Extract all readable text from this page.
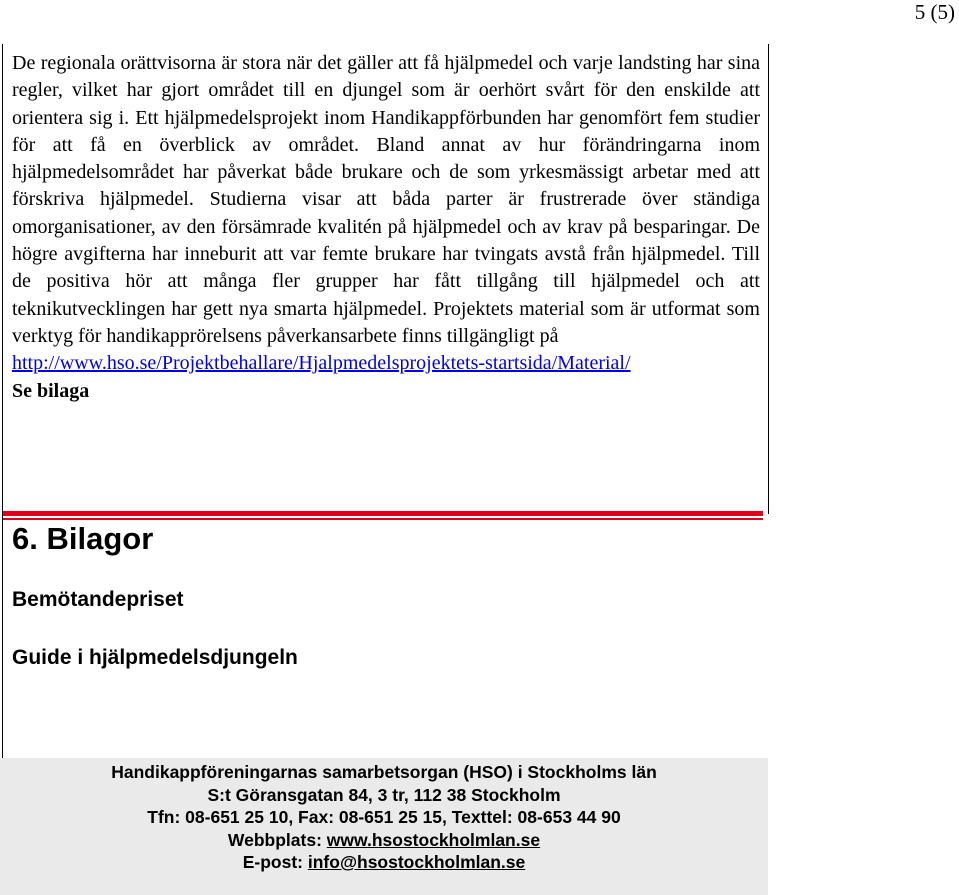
5 (5)

De regionala orättvisorna är stora när det gäller att få hjälpmedel och varje landsting har sina regler, vilket har gjort området till en djungel som är oerhört svårt för den enskilde att orientera sig i. Ett hjälpmedelsprojekt inom Handikappförbunden har genomfört fem studier för att få en överblick av området. Bland annat av hur förändringarna inom hjälpmedelsområdet har påverkat både brukare och de som yrkesmässigt arbetar med att förskriva hjälpmedel. Studierna visar att båda parter är frustrerade över ständiga omorganisationer, av den försämrade kvalitén på hjälpmedel och av krav på besparingar. De högre avgifterna har inneburit att var femte brukare har tvingats avstå från hjälpmedel. Till de positiva hör att många fler grupper har fått tillgång till hjälpmedel och att teknikutvecklingen har gett nya smarta hjälpmedel. Projektets material som är utformat som verktyg för handikapprörelsens påverkansarbete finns tillgängligt på

http://www.hso.se/Projektbehallare/Hjalpmedelsprojektets-startsida/Material/

Se bilaga

6. Bilagor
Bemötandepriset
Guide i hjälpmedelsdjungeln
Handikappföreningarnas samarbetsorgan (HSO) i Stockholms län
S:t Göransgatan 84, 3 tr, 112 38 Stockholm
Tfn: 08-651 25 10, Fax: 08-651 25 15, Texttel: 08-653 44 90
Webbplats: www.hsostockholmlan.se
E-post: info@hsostockholmlan.se
